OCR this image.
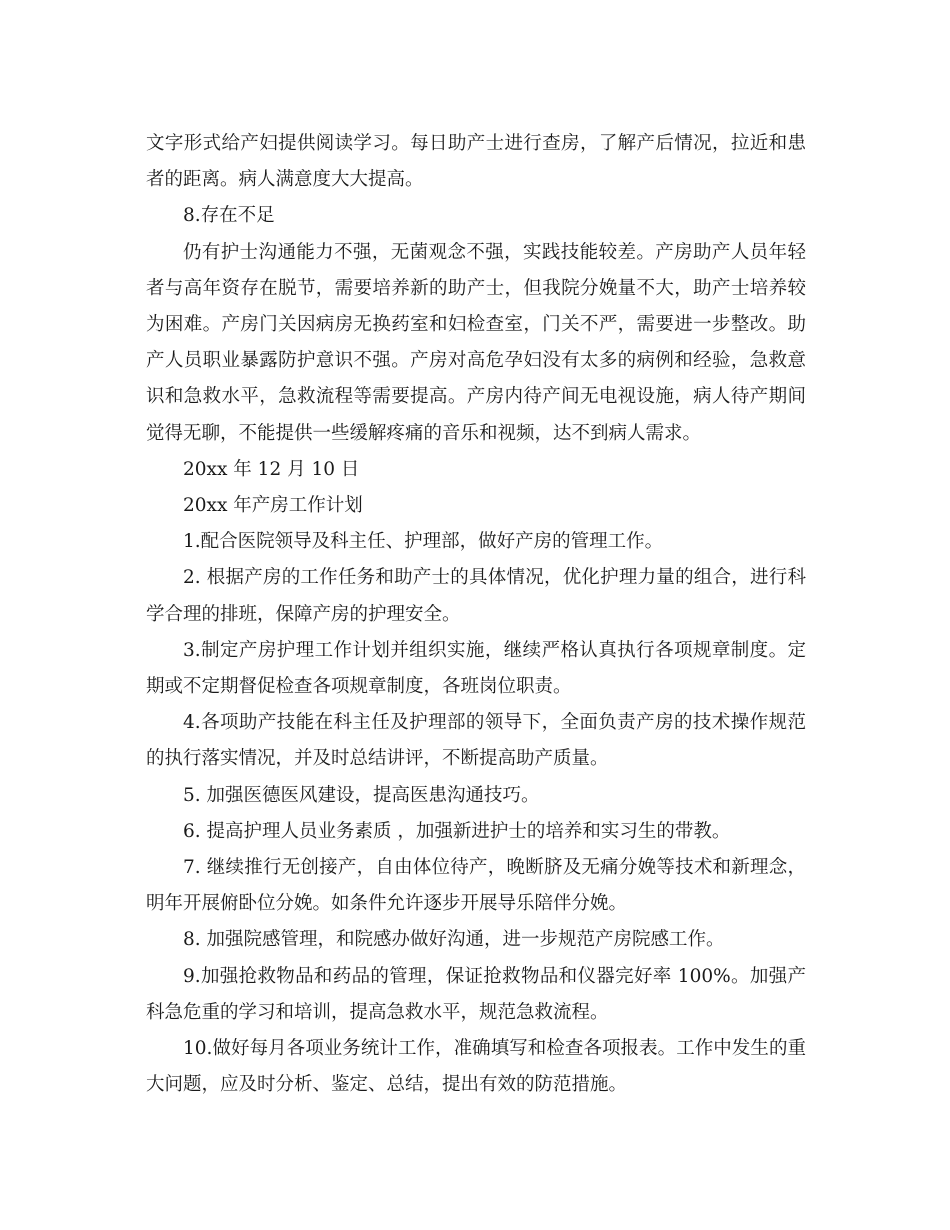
文字形式给产妇提供阅读学习。每日助产士进行查房，了解产后情况，拉近和患者的距离。病人满意度大大提高。

8.存在不足

仍有护士沟通能力不强，无菌观念不强，实践技能较差。产房助产人员年轻者与高年资存在脱节，需要培养新的助产士，但我院分娩量不大，助产士培养较为困难。产房门关因病房无换药室和妇检查室，门关不严，需要进一步整改。助产人员职业暴露防护意识不强。产房对高危孕妇没有太多的病例和经验，急救意识和急救水平，急救流程等需要提高。产房内待产间无电视设施，病人待产期间觉得无聊，不能提供一些缓解疼痛的音乐和视频，达不到病人需求。

20xx 年 12 月 10 日

20xx 年产房工作计划

1.配合医院领导及科主任、护理部，做好产房的管理工作。

2. 根据产房的工作任务和助产士的具体情况，优化护理力量的组合，进行科学合理的排班，保障产房的护理安全。

3.制定产房护理工作计划并组织实施，继续严格认真执行各项规章制度。定期或不定期督促检查各项规章制度，各班岗位职责。

4.各项助产技能在科主任及护理部的领导下，全面负责产房的技术操作规范的执行落实情况，并及时总结讲评，不断提高助产质量。

5. 加强医德医风建设，提高医患沟通技巧。

6. 提高护理人员业务素质 ，加强新进护士的培养和实习生的带教。

7. 继续推行无创接产，自由体位待产，晚断脐及无痛分娩等技术和新理念，明年开展俯卧位分娩。如条件允许逐步开展导乐陪伴分娩。

8. 加强院感管理，和院感办做好沟通，进一步规范产房院感工作。

9.加强抢救物品和药品的管理，保证抢救物品和仪器完好率 100%。加强产科急危重的学习和培训，提高急救水平，规范急救流程。

10.做好每月各项业务统计工作，准确填写和检查各项报表。工作中发生的重大问题，应及时分析、鉴定、总结，提出有效的防范措施。
